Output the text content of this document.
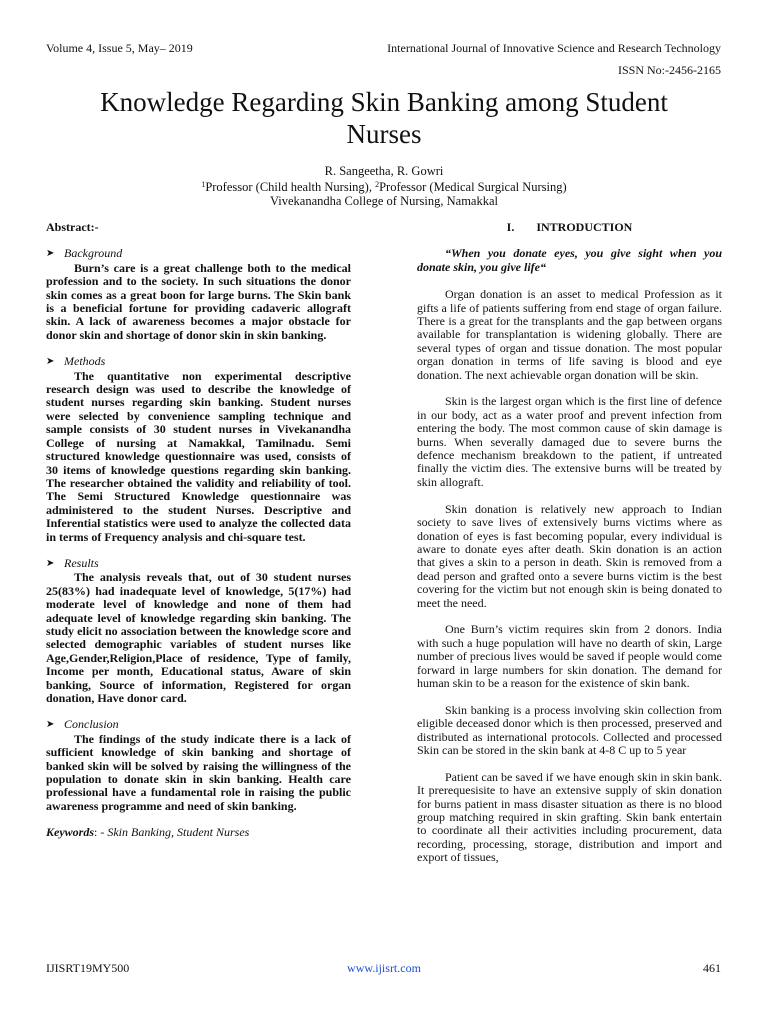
Volume 4, Issue 5, May– 2019	International Journal of Innovative Science and Research Technology
ISSN No:-2456-2165
Knowledge Regarding Skin Banking among Student Nurses
R. Sangeetha, R. Gowri
$^1$Professor (Child health Nursing), $^2$Professor (Medical Surgical Nursing)
Vivekanandha College of Nursing, Namakkal
Abstract:-
➤ Background

Burn’s care is a great challenge both to the medical profession and to the society. In such situations the donor skin comes as a great boon for large burns. The Skin bank is a beneficial fortune for providing cadaveric allograft skin. A lack of awareness becomes a major obstacle for donor skin and shortage of donor skin in skin banking.

➤ Methods

The quantitative non experimental descriptive research design was used to describe the knowledge of student nurses regarding skin banking. Student nurses were selected by convenience sampling technique and sample consists of 30 student nurses in Vivekanandha College of nursing at Namakkal, Tamilnadu. Semi structured knowledge questionnaire was used, consists of 30 items of knowledge questions regarding skin banking. The researcher obtained the validity and reliability of tool. The Semi Structured Knowledge questionnaire was administered to the student Nurses. Descriptive and Inferential statistics were used to analyze the collected data in terms of Frequency analysis and chi-square test.

➤ Results

The analysis reveals that, out of 30 student nurses 25(83%) had inadequate level of knowledge, 5(17%) had moderate level of knowledge and none of them had adequate level of knowledge regarding skin banking. The study elicit no association between the knowledge score and selected demographic variables of student nurses like Age,Gender,Religion,Place of residence, Type of family, Income per month, Educational status, Aware of skin banking, Source of information, Registered for organ donation, Have donor card.

➤ Conclusion

The findings of the study indicate there is a lack of sufficient knowledge of skin banking and shortage of banked skin will be solved by raising the willingness of the population to donate skin in skin banking. Health care professional have a fundamental role in raising the public awareness programme and need of skin banking.

Keywords: - Skin Banking, Student Nurses

I. INTRODUCTION

“When you donate eyes, you give sight when you donate skin, you give life“

Organ donation is an asset to medical Profession as it gifts a life of patients suffering from end stage of organ failure. There is a great for the transplants and the gap between organs available for transplantation is widening globally. There are several types of organ and tissue donation. The most popular organ donation in terms of life saving is blood and eye donation. The next achievable organ donation will be skin.

Skin is the largest organ which is the first line of defence in our body, act as a water proof and prevent infection from entering the body. The most common cause of skin damage is burns. When severally damaged due to severe burns the defence mechanism breakdown to the patient, if untreated finally the victim dies. The extensive burns will be treated by skin allograft.

Skin donation is relatively new approach to Indian society to save lives of extensively burns victims where as donation of eyes is fast becoming popular, every individual is aware to donate eyes after death. Skin donation is an action that gives a skin to a person in death. Skin is removed from a dead person and grafted onto a severe burns victim is the best covering for the victim but not enough skin is being donated to meet the need.

One Burn’s victim requires skin from 2 donors. India with such a huge population will have no dearth of skin, Large number of precious lives would be saved if people would come forward in large numbers for skin donation. The demand for human skin to be a reason for the existence of skin bank.

Skin banking is a process involving skin collection from eligible deceased donor which is then processed, preserved and distributed as international protocols. Collected and processed Skin can be stored in the skin bank at 4-8 C up to 5 year

Patient can be saved if we have enough skin in skin bank. It prerequesisite to have an extensive supply of skin donation for burns patient in mass disaster situation as there is no blood group matching required in skin grafting. Skin bank entertain to coordinate all their activities including procurement, data recording, processing, storage, distribution and import and export of tissues,

IJISRT19MY500	www.ijisrt.com	461
